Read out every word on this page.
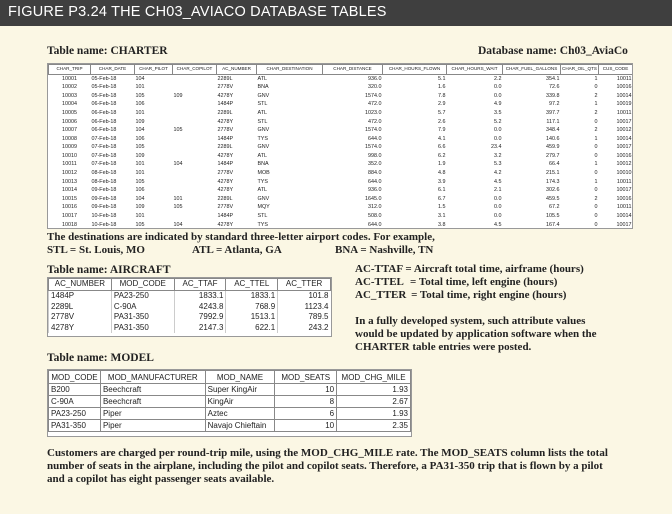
FIGURE P3.24 THE CH03_AVIACO DATABASE TABLES
Table name: CHARTER	Database name: Ch03_AviaCo
CHAR_TRIP	CHAR_DATE	CHAR_PILOT	CHAR_COPILOT	AC_NUMBER	CHAR_DESTINATION	CHAR_DISTANCE	CHAR_HOURS_FLOWN	CHAR_HOURS_WAIT	CHAR_FUEL_GALLONS	CHAR_OIL_QTS	CUS_CODE
10001	05-Feb-18	104		2289L	ATL	936.0	5.1	2.2	354.1	1	10011
10002	05-Feb-18	101		2778V	BNA	320.0	1.6	0.0	72.6	0	10016
10003	05-Feb-18	105	109	4278Y	GNV	1574.0	7.8	0.0	339.8	2	10014
10004	06-Feb-18	106		1484P	STL	472.0	2.9	4.9	97.2	1	10019
10005	06-Feb-18	101		2289L	ATL	1023.0	5.7	3.5	397.7	2	10011
10006	06-Feb-18	109		4278Y	STL	472.0	2.6	5.2	117.1	0	10017
10007	06-Feb-18	104	105	2778V	GNV	1574.0	7.9	0.0	348.4	2	10012
10008	07-Feb-18	106		1484P	TYS	644.0	4.1	0.0	140.6	1	10014
10009	07-Feb-18	105		2289L	GNV	1574.0	6.6	23.4	459.9	0	10017
10010	07-Feb-18	109		4278Y	ATL	998.0	6.2	3.2	279.7	0	10016
10011	07-Feb-18	101	104	1484P	BNA	352.0	1.9	5.3	66.4	1	10012
10012	08-Feb-18	101		2778V	MOB	884.0	4.8	4.2	215.1	0	10010
10013	08-Feb-18	105		4278Y	TYS	644.0	3.9	4.5	174.3	1	10011
10014	09-Feb-18	106		4278Y	ATL	936.0	6.1	2.1	302.6	0	10017
10015	09-Feb-18	104	101	2289L	GNV	1645.0	6.7	0.0	459.5	2	10016
10016	09-Feb-18	109	105	2778V	MQY	312.0	1.5	0.0	67.2	0	10011
10017	10-Feb-18	101		1484P	STL	508.0	3.1	0.0	105.5	0	10014
10018	10-Feb-18	105	104	4278Y	TYS	644.0	3.8	4.5	167.4	0	10017
The destinations are indicated by standard three-letter airport codes. For example,
STL = St. Louis, MO	ATL = Atlanta, GA	BNA = Nashville, TN
Table name: AIRCRAFT
AC_NUMBER	MOD_CODE	AC_TTAF	AC_TTEL	AC_TTER
1484P	PA23-250	1833.1	1833.1	101.8
2289L	C-90A	4243.8	768.9	1123.4
2778V	PA31-350	7992.9	1513.1	789.5
4278Y	PA31-350	2147.3	622.1	243.2
AC-TTAF = Aircraft total time, airframe (hours)
AC-TTEL = Total time, left engine (hours)
AC_TTER = Total time, right engine (hours)
In a fully developed system, such attribute values
would be updated by application software when the
CHARTER table entries were posted.
Table name: MODEL
MOD_CODE	MOD_MANUFACTURER	MOD_NAME	MOD_SEATS	MOD_CHG_MILE
B200	Beechcraft	Super KingAir	10	1.93
C-90A	Beechcraft	KingAir	8	2.67
PA23-250	Piper	Aztec	6	1.93
PA31-350	Piper	Navajo Chieftain	10	2.35
Customers are charged per round-trip mile, using the MOD_CHG_MILE rate. The MOD_SEATS column lists the total
number of seats in the airplane, including the pilot and copilot seats. Therefore, a PA31-350 trip that is flown by a pilot
and a copilot has eight passenger seats available.
